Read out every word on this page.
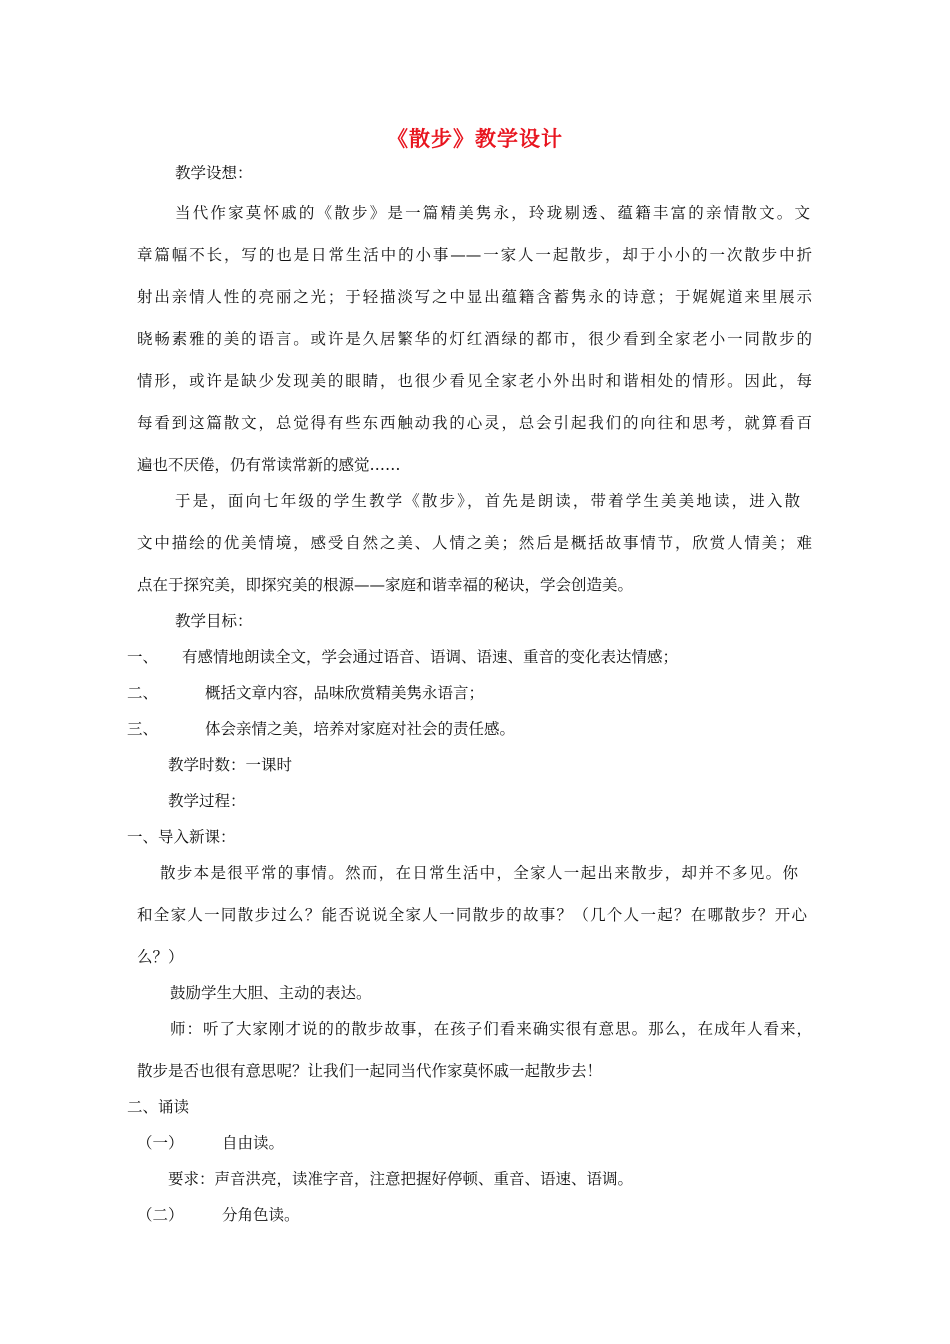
《散步》教学设计
教学设想：
当代作家莫怀戚的《散步》是一篇精美隽永，玲珑剔透、蕴籍丰富的亲情散文。文
章篇幅不长，写的也是日常生活中的小事——一家人一起散步，却于小小的一次散步中折
射出亲情人性的亮丽之光；于轻描淡写之中显出蕴籍含蓄隽永的诗意；于娓娓道来里展示
晓畅素雅的美的语言。或许是久居繁华的灯红酒绿的都市，很少看到全家老小一同散步的
情形，或许是缺少发现美的眼睛，也很少看见全家老小外出时和谐相处的情形。因此，每
每看到这篇散文，总觉得有些东西触动我的心灵，总会引起我们的向往和思考，就算看百
遍也不厌倦，仍有常读常新的感觉……
于是，面向七年级的学生教学《散步》，首先是朗读，带着学生美美地读，进入散
文中描绘的优美情境，感受自然之美、人情之美；然后是概括故事情节，欣赏人情美；难
点在于探究美，即探究美的根源——家庭和谐幸福的秘诀，学会创造美。
教学目标：
一、 有感情地朗读全文，学会通过语音、语调、语速、重音的变化表达情感；
二、	概括文章内容，品味欣赏精美隽永语言；
三、	体会亲情之美，培养对家庭对社会的责任感。
教学时数：一课时
教学过程：
一、导入新课：
散步本是很平常的事情。然而，在日常生活中，全家人一起出来散步，却并不多见。你
和全家人一同散步过么？能否说说全家人一同散步的故事？（几个人一起？在哪散步？开心
么？）
鼓励学生大胆、主动的表达。
师：听了大家刚才说的的散步故事，在孩子们看来确实很有意思。那么，在成年人看来，
散步是否也很有意思呢？让我们一起同当代作家莫怀戚一起散步去！
二、诵读
（一） 自由读。
要求：声音洪亮，读准字音，注意把握好停顿、重音、语速、语调。
（二） 分角色读。
